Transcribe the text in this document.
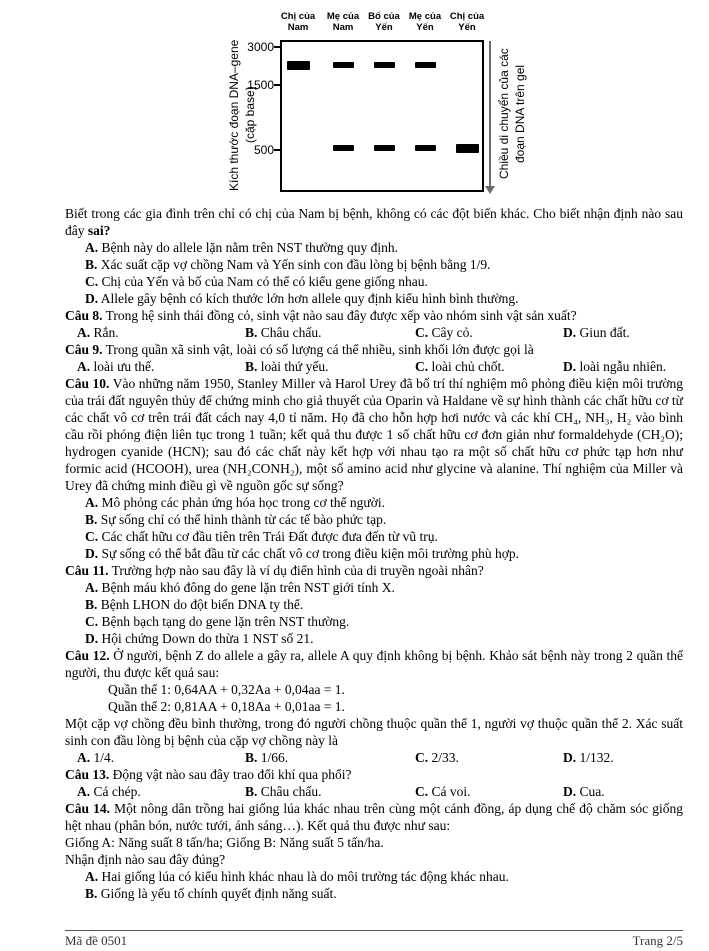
Kích thước đoạn DNA–gene (cặp base)
3000
1500
500
Chị của
Nam
Mẹ của
Nam
Bố của
Yến
Mẹ của
Yến
Chị của
Yến
Chiều di chuyển của các đoạn DNA trên gel

Biết trong các gia đình trên chỉ có chị của Nam bị bệnh, không có các đột biến khác. Cho biết nhận định nào sau đây sai?

A. Bệnh này do allele lặn nằm trên NST thường quy định.

B. Xác suất cặp vợ chồng Nam và Yến sinh con đầu lòng bị bệnh bằng 1/9.

C. Chị của Yến và bố của Nam có thể có kiểu gene giống nhau.

D. Allele gây bệnh có kích thước lớn hơn allele quy định kiểu hình bình thường.

Câu 8. Trong hệ sinh thái đồng cỏ, sinh vật nào sau đây được xếp vào nhóm sinh vật sản xuất?

A. Rắn.	B. Châu chấu.	C. Cây cỏ.	D. Giun đất.

Câu 9. Trong quần xã sinh vật, loài có số lượng cá thể nhiều, sinh khối lớn được gọi là

A. loài ưu thế.	B. loài thứ yếu.	C. loài chủ chốt.	D. loài ngẫu nhiên.

Câu 10. Vào những năm 1950, Stanley Miller và Harol Urey đã bố trí thí nghiệm mô phỏng điều kiện môi trường của trái đất nguyên thủy để chứng minh cho giả thuyết của Oparin và Haldane về sự hình thành các chất hữu cơ từ các chất vô cơ trên trái đất cách nay 4,0 tỉ năm. Họ đã cho hỗn hợp hơi nước và các khí CH₄, NH₃, H₂ vào bình cầu rồi phóng điện liên tục trong 1 tuần; kết quả thu được 1 số chất hữu cơ đơn giản như formaldehyde (CH₂O); hydrogen cyanide (HCN); sau đó các chất này kết hợp với nhau tạo ra một số chất hữu cơ phức tạp hơn như formic acid (HCOOH), urea (NH₂CONH₂), một số amino acid như glycine và alanine. Thí nghiệm của Miller và Urey đã chứng minh điều gì về nguồn gốc sự sống?

A. Mô phỏng các phản ứng hóa học trong cơ thể người.

B. Sự sống chỉ có thể hình thành từ các tế bào phức tạp.

C. Các chất hữu cơ đầu tiên trên Trái Đất được đưa đến từ vũ trụ.

D. Sự sống có thể bắt đầu từ các chất vô cơ trong điều kiện môi trường phù hợp.

Câu 11. Trường hợp nào sau đây là ví dụ điển hình của di truyền ngoài nhân?

A. Bệnh máu khó đông do gene lặn trên NST giới tính X.

B. Bệnh LHON do đột biến DNA ty thể.

C. Bệnh bạch tạng do gene lặn trên NST thường.

D. Hội chứng Down do thừa 1 NST số 21.

Câu 12. Ở người, bệnh Z do allele a gây ra, allele A quy định không bị bệnh. Khảo sát bệnh này trong 2 quần thể người, thu được kết quả sau:

Quần thể 1: 0,64AA + 0,32Aa + 0,04aa = 1.

Quần thể 2: 0,81AA + 0,18Aa + 0,01aa = 1.

Một cặp vợ chồng đều bình thường, trong đó người chồng thuộc quần thể 1, người vợ thuộc quần thể 2. Xác suất sinh con đầu lòng bị bệnh của cặp vợ chồng này là

A. 1/4.	B. 1/66.	C. 2/33.	D. 1/132.

Câu 13. Động vật nào sau đây trao đổi khí qua phổi?

A. Cá chép.	B. Châu chấu.	C. Cá voi.	D. Cua.

Câu 14. Một nông dân trồng hai giống lúa khác nhau trên cùng một cánh đồng, áp dụng chế độ chăm sóc giống hệt nhau (phân bón, nước tưới, ánh sáng…). Kết quả thu được như sau:

Giống A: Năng suất 8 tấn/ha; Giống B: Năng suất 5 tấn/ha.

Nhận định nào sau đây đúng?

A. Hai giống lúa có kiểu hình khác nhau là do môi trường tác động khác nhau.

B. Giống là yếu tố chính quyết định năng suất.

Mã đề 0501	Trang 2/5
